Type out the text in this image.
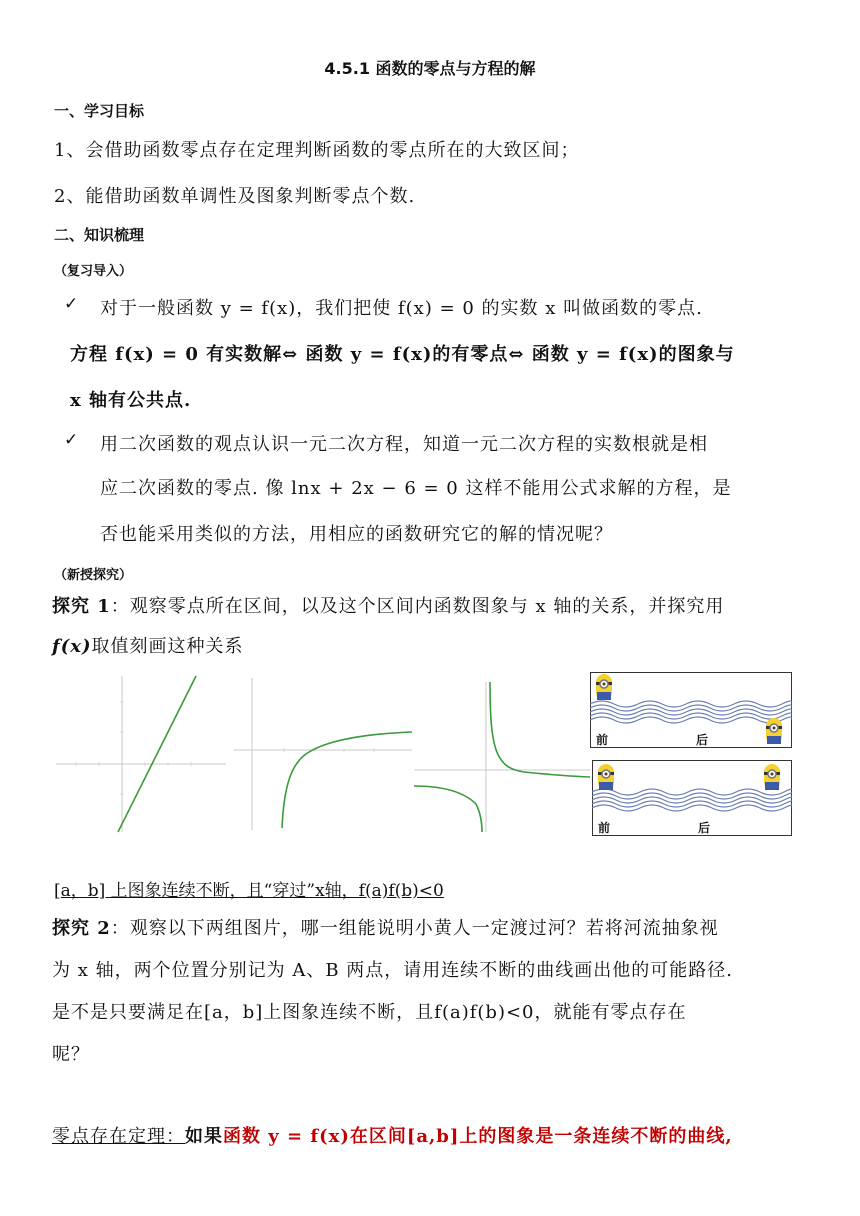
4.5.1 函数的零点与方程的解
一、学习目标
1、会借助函数零点存在定理判断函数的零点所在的大致区间；
2、能借助函数单调性及图象判断零点个数.
二、知识梳理
（复习导入）
✓ 对于一般函数 y = f(x)，我们把使 f(x) = 0 的实数 x 叫做函数的零点.
方程 f(x) = 0 有实数解⇔ 函数 y = f(x)的有零点⇔ 函数 y = f(x)的图象与
x 轴有公共点.
✓ 用二次函数的观点认识一元二次方程，知道一元二次方程的实数根就是相
应二次函数的零点. 像 lnx + 2x − 6 = 0 这样不能用公式求解的方程，是
否也能采用类似的方法，用相应的函数研究它的解的情况呢？
（新授探究）
探究 1：观察零点所在区间，以及这个区间内函数图象与 x 轴的关系，并探究用
f(x)取值刻画这种关系
前	后
前	后
[a，b] 上图象连续不断，且“穿过”x轴，f(a)f(b)<0
探究 2：观察以下两组图片，哪一组能说明小黄人一定渡过河？若将河流抽象视
为 x 轴，两个位置分别记为 A、B 两点，请用连续不断的曲线画出他的可能路径.
是不是只要满足在[a，b]上图象连续不断，且f(a)f(b)<0，就能有零点存在
呢？
零点存在定理：如果函数 y = f(x)在区间[a,b]上的图象是一条连续不断的曲线,
